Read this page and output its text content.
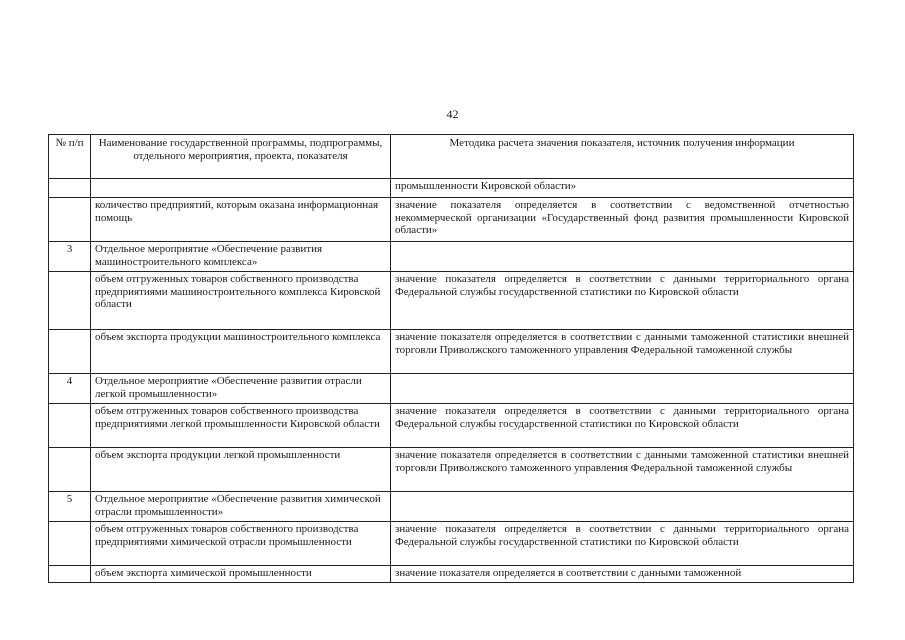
42
№ п/п	Наименование государственной программы, подпрограммы, отдельного мероприятия, проекта, показателя	Методика расчета значения показателя, источник получения информации
		промышленности Кировской области»
	количество предприятий, которым оказана информационная помощь	значение показателя определяется в соответствии с ведомственной отчетностью некоммерческой организации «Государственный фонд развития промышленности Кировской области»
3	Отдельное мероприятие «Обеспечение развития машиностроительного комплекса»	
	объем отгруженных товаров собственного производства предприятиями машиностроительного комплекса Кировской области	значение показателя определяется в соответствии с данными территориального органа Федеральной службы государственной статистики по Кировской области
	объем экспорта продукции машиностроительного комплекса	значение показателя определяется в соответствии с данными таможенной статистики внешней торговли Приволжского таможенного управления Федеральной таможенной службы
4	Отдельное мероприятие «Обеспечение развития отрасли легкой промышленности»	
	объем отгруженных товаров собственного производства предприятиями легкой промышленности Кировской области	значение показателя определяется в соответствии с данными территориального органа Федеральной службы государственной статистики по Кировской области
	объем экспорта продукции легкой промышленности	значение показателя определяется в соответствии с данными таможенной статистики внешней торговли Приволжского таможенного управления Федеральной таможенной службы
5	Отдельное мероприятие «Обеспечение развития химической отрасли промышленности»	
	объем отгруженных товаров собственного производства предприятиями химической отрасли промышленности	значение показателя определяется в соответствии с данными территориального органа Федеральной службы государственной статистики по Кировской области
	объем экспорта химической промышленности	значение показателя определяется в соответствии с данными таможенной
